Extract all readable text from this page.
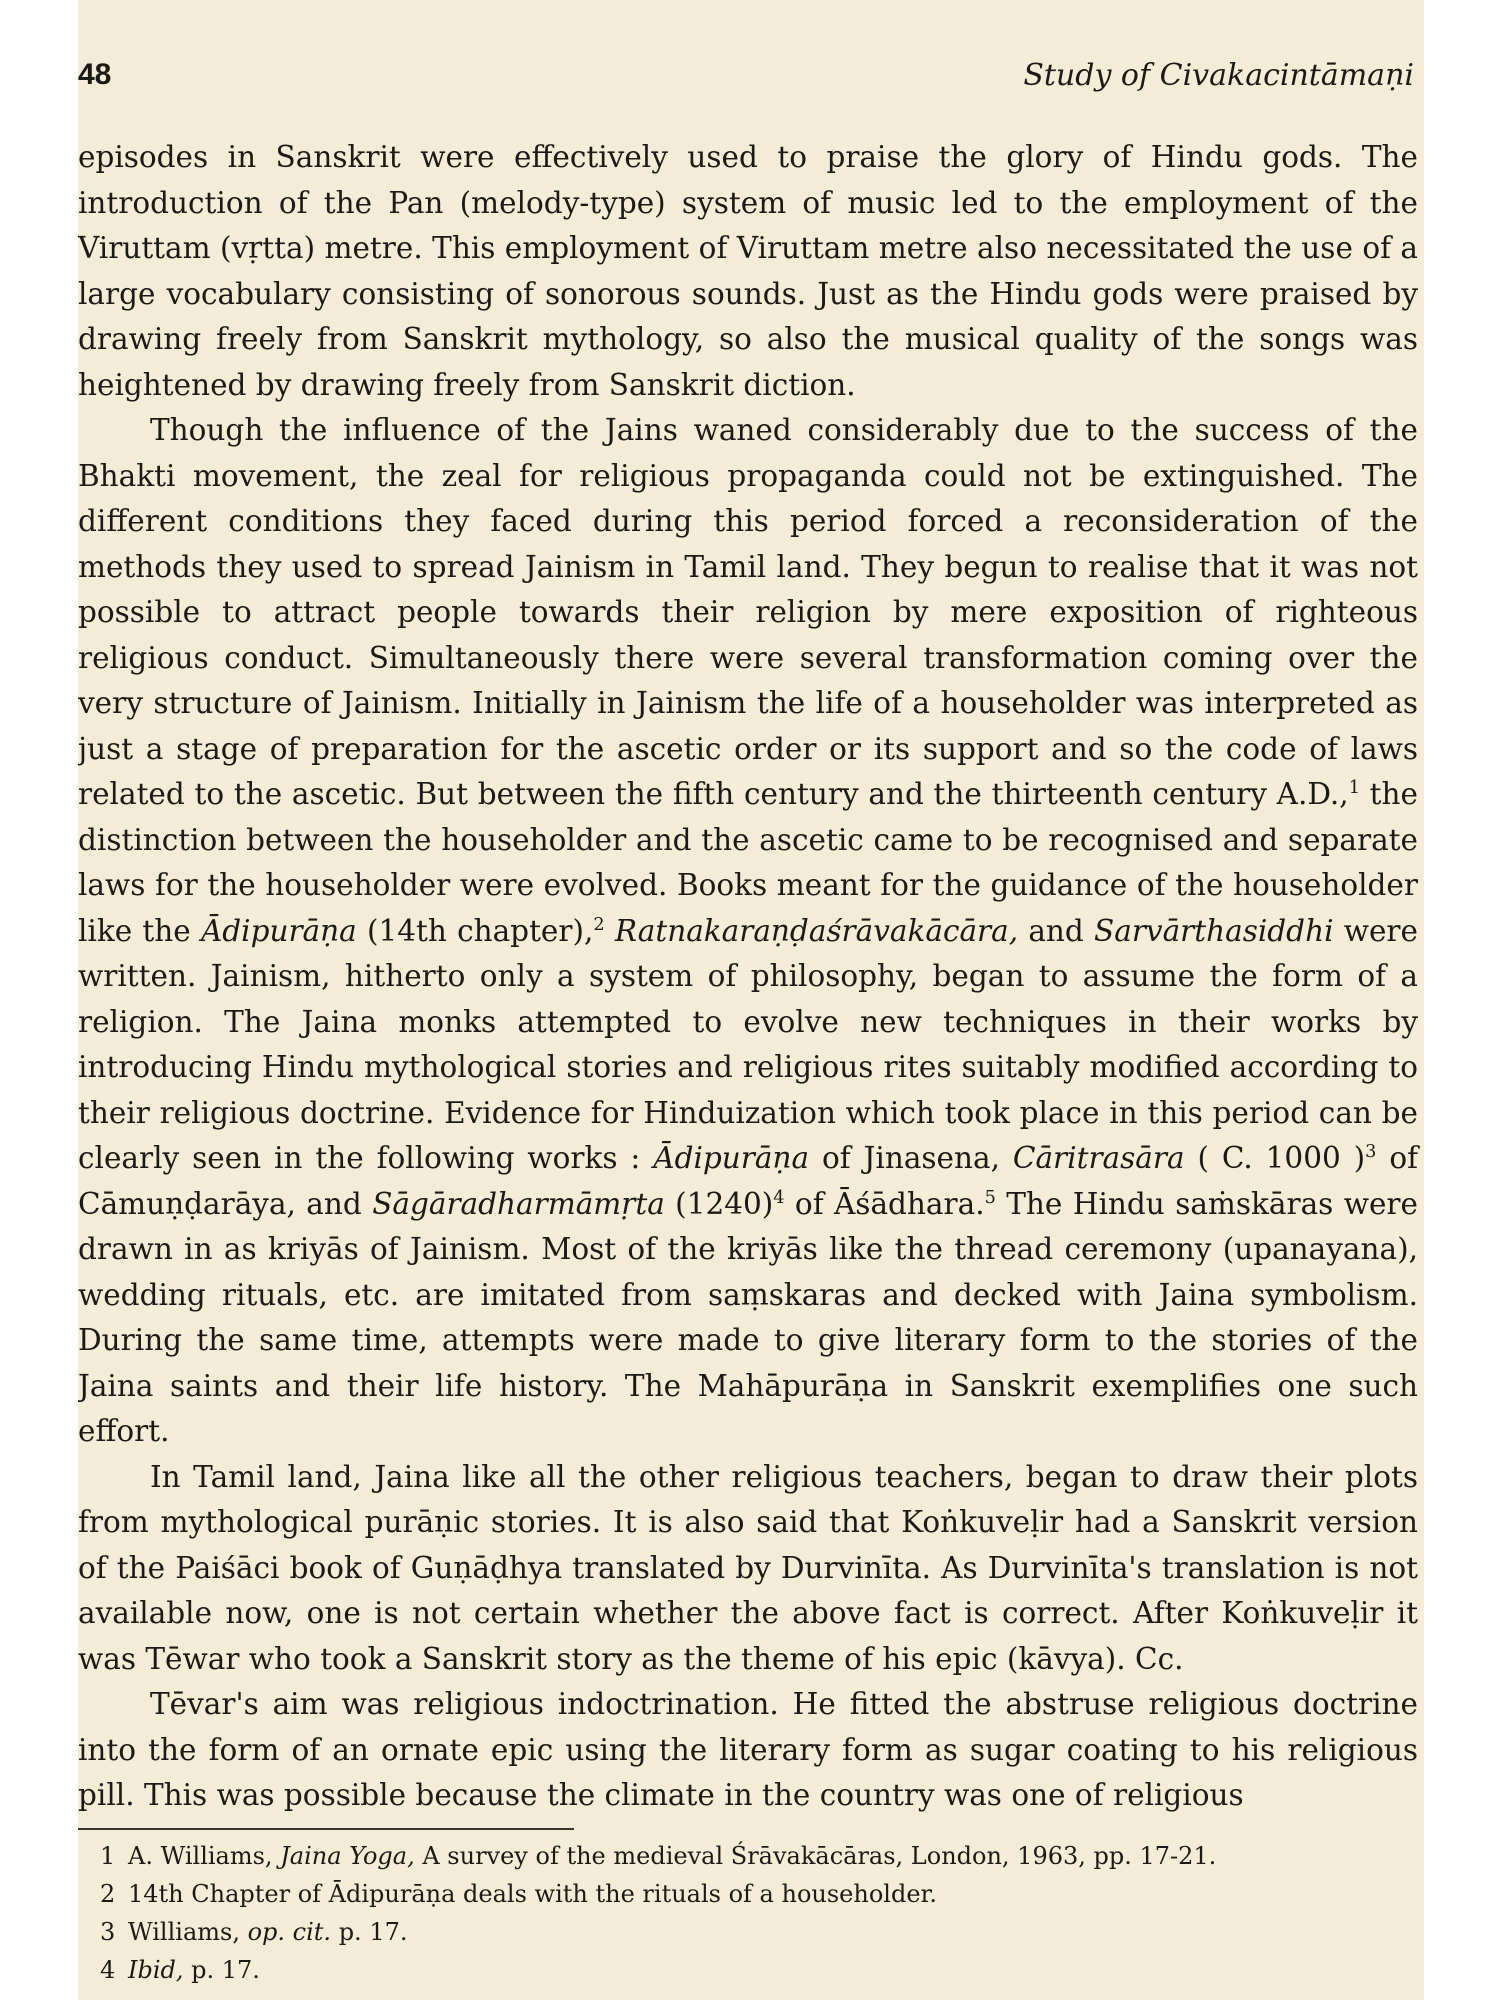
48	Study of Civakacintāmaṇi

episodes in Sanskrit were effectively used to praise the glory of Hindu gods. The introduction of the Pan (melody-type) system of music led to the employment of the Viruttam (vṛtta) metre. This employment of Viruttam metre also necessitated the use of a large vocabulary consisting of sonorous sounds. Just as the Hindu gods were praised by drawing freely from Sanskrit mythology, so also the musical quality of the songs was heightened by drawing freely from Sanskrit diction.

Though the influence of the Jains waned considerably due to the success of the Bhakti movement, the zeal for religious propaganda could not be extinguished. The different conditions they faced during this period forced a reconsideration of the methods they used to spread Jainism in Tamil land. They begun to realise that it was not possible to attract people towards their religion by mere exposition of righteous religious conduct. Simultaneously there were several transformation coming over the very structure of Jainism. Initially in Jainism the life of a householder was interpreted as just a stage of preparation for the ascetic order or its support and so the code of laws related to the ascetic. But between the fifth century and the thirteenth century A.D.,$^1$ the distinction between the householder and the ascetic came to be recognised and separate laws for the householder were evolved. Books meant for the guidance of the householder like the Ādipurāṇa (14th chapter),$^2$ Ratnakaraṇḍaśrāvakācāra, and Sarvārthasiddhi were written. Jainism, hitherto only a system of philosophy, began to assume the form of a religion. The Jaina monks attempted to evolve new techniques in their works by introducing Hindu mythological stories and religious rites suitably modified according to their religious doctrine. Evidence for Hinduization which took place in this period can be clearly seen in the following works : Ādipurāṇa of Jinasena, Cāritrasāra ( C. 1000 )$^3$ of Cāmuṇḍarāya, and Sāgāradharmāmṛta $(1240)^4$ of Āśādhara.$^5$ The Hindu saṁskāras were drawn in as kriyās of Jainism. Most of the kriyās like the thread ceremony (upanayana), wedding rituals, etc. are imitated from saṃskaras and decked with Jaina symbolism. During the same time, attempts were made to give literary form to the stories of the Jaina saints and their life history. The Mahāpurāṇa in Sanskrit exemplifies one such effort.

In Tamil land, Jaina like all the other religious teachers, began to draw their plots from mythological purāṇic stories. It is also said that Koṅkuveḷir had a Sanskrit version of the Paiśāci book of Guṇāḍhya translated by Durvinīta. As Durvinīta's translation is not available now, one is not certain whether the above fact is correct. After Koṅkuveḷir it was Tēwar who took a Sanskrit story as the theme of his epic (kāvya). Cc.

Tēvar's aim was religious indoctrination. He fitted the abstruse religious doctrine into the form of an ornate epic using the literary form as sugar coating to his religious pill. This was possible because the climate in the country was one of religious

1 A. Williams, Jaina Yoga, A survey of the medieval Śrāvakācāras, London, 1963, pp. 17-21.
2 14th Chapter of Ādipurāṇa deals with the rituals of a householder.
3 Williams, op. cit. p. 17.
4 Ibid, p. 17.
